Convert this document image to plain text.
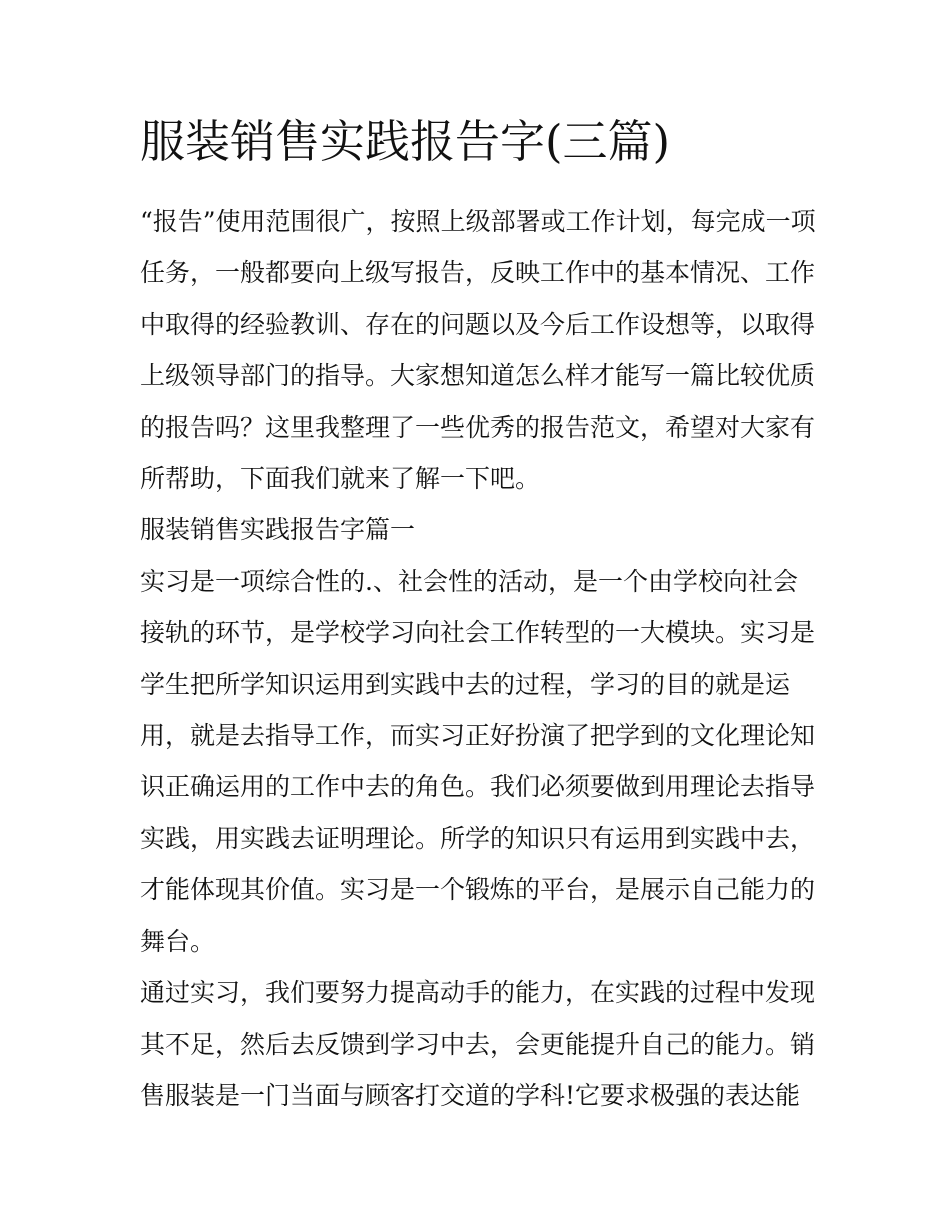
服装销售实践报告字(三篇)

“报告”使用范围很广，按照上级部署或工作计划，每完成一项
任务，一般都要向上级写报告，反映工作中的基本情况、工作
中取得的经验教训、存在的问题以及今后工作设想等，以取得
上级领导部门的指导。大家想知道怎么样才能写一篇比较优质
的报告吗？这里我整理了一些优秀的报告范文，希望对大家有
所帮助，下面我们就来了解一下吧。

服装销售实践报告字篇一

实习是一项综合性的.、社会性的活动，是一个由学校向社会
接轨的环节，是学校学习向社会工作转型的一大模块。实习是
学生把所学知识运用到实践中去的过程，学习的目的就是运
用，就是去指导工作，而实习正好扮演了把学到的文化理论知
识正确运用的工作中去的角色。我们必须要做到用理论去指导
实践，用实践去证明理论。所学的知识只有运用到实践中去，
才能体现其价值。实习是一个锻炼的平台，是展示自己能力的
舞台。

通过实习，我们要努力提高动手的能力，在实践的过程中发现
其不足，然后去反馈到学习中去，会更能提升自己的能力。销
售服装是一门当面与顾客打交道的学科!它要求极强的表达能
